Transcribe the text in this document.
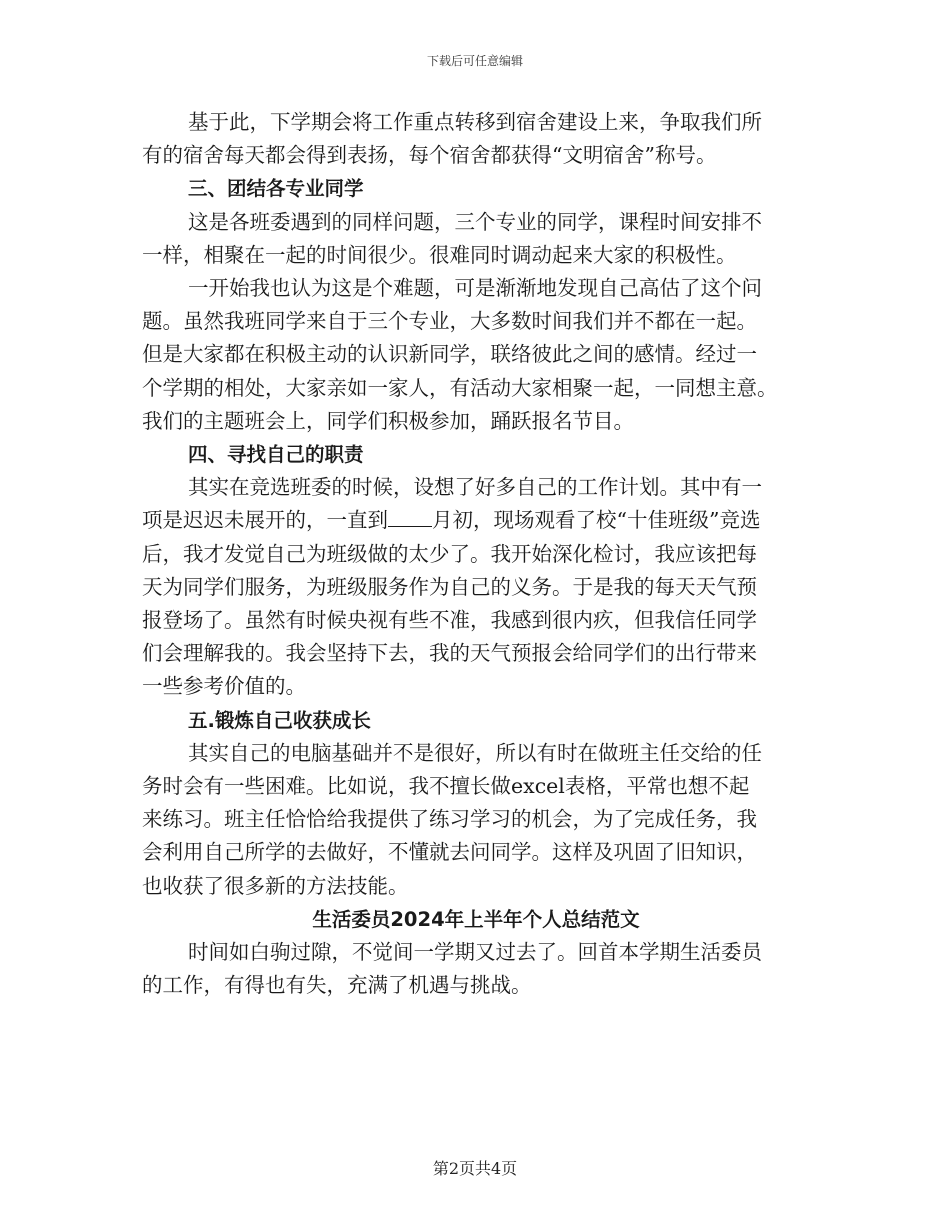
下载后可任意编辑
基于此，下学期会将工作重点转移到宿舍建设上来，争取我们所
有的宿舍每天都会得到表扬，每个宿舍都获得“文明宿舍”称号。
三、团结各专业同学
这是各班委遇到的同样问题，三个专业的同学，课程时间安排不
一样，相聚在一起的时间很少。很难同时调动起来大家的积极性。
一开始我也认为这是个难题，可是渐渐地发现自己高估了这个问
题。虽然我班同学来自于三个专业，大多数时间我们并不都在一起。
但是大家都在积极主动的认识新同学，联络彼此之间的感情。经过一
个学期的相处，大家亲如一家人，有活动大家相聚一起，一同想主意。
我们的主题班会上，同学们积极参加，踊跃报名节目。
四、寻找自己的职责
其实在竞选班委的时候，设想了好多自己的工作计划。其中有一
项是迟迟未展开的，一直到 月初，现场观看了校“十佳班级”竞选
后，我才发觉自己为班级做的太少了。我开始深化检讨，我应该把每
天为同学们服务，为班级服务作为自己的义务。于是我的每天天气预
报登场了。虽然有时候央视有些不准，我感到很内疚，但我信任同学
们会理解我的。我会坚持下去，我的天气预报会给同学们的出行带来
一些参考价值的。
五.锻炼自己收获成长
其实自己的电脑基础并不是很好，所以有时在做班主任交给的任
务时会有一些困难。比如说，我不擅长做excel表格，平常也想不起
来练习。班主任恰恰给我提供了练习学习的机会，为了完成任务，我
会利用自己所学的去做好，不懂就去问同学。这样及巩固了旧知识，
也收获了很多新的方法技能。
生活委员2024年上半年个人总结范文
时间如白驹过隙，不觉间一学期又过去了。回首本学期生活委员
的工作，有得也有失，充满了机遇与挑战。
第2页共4页
